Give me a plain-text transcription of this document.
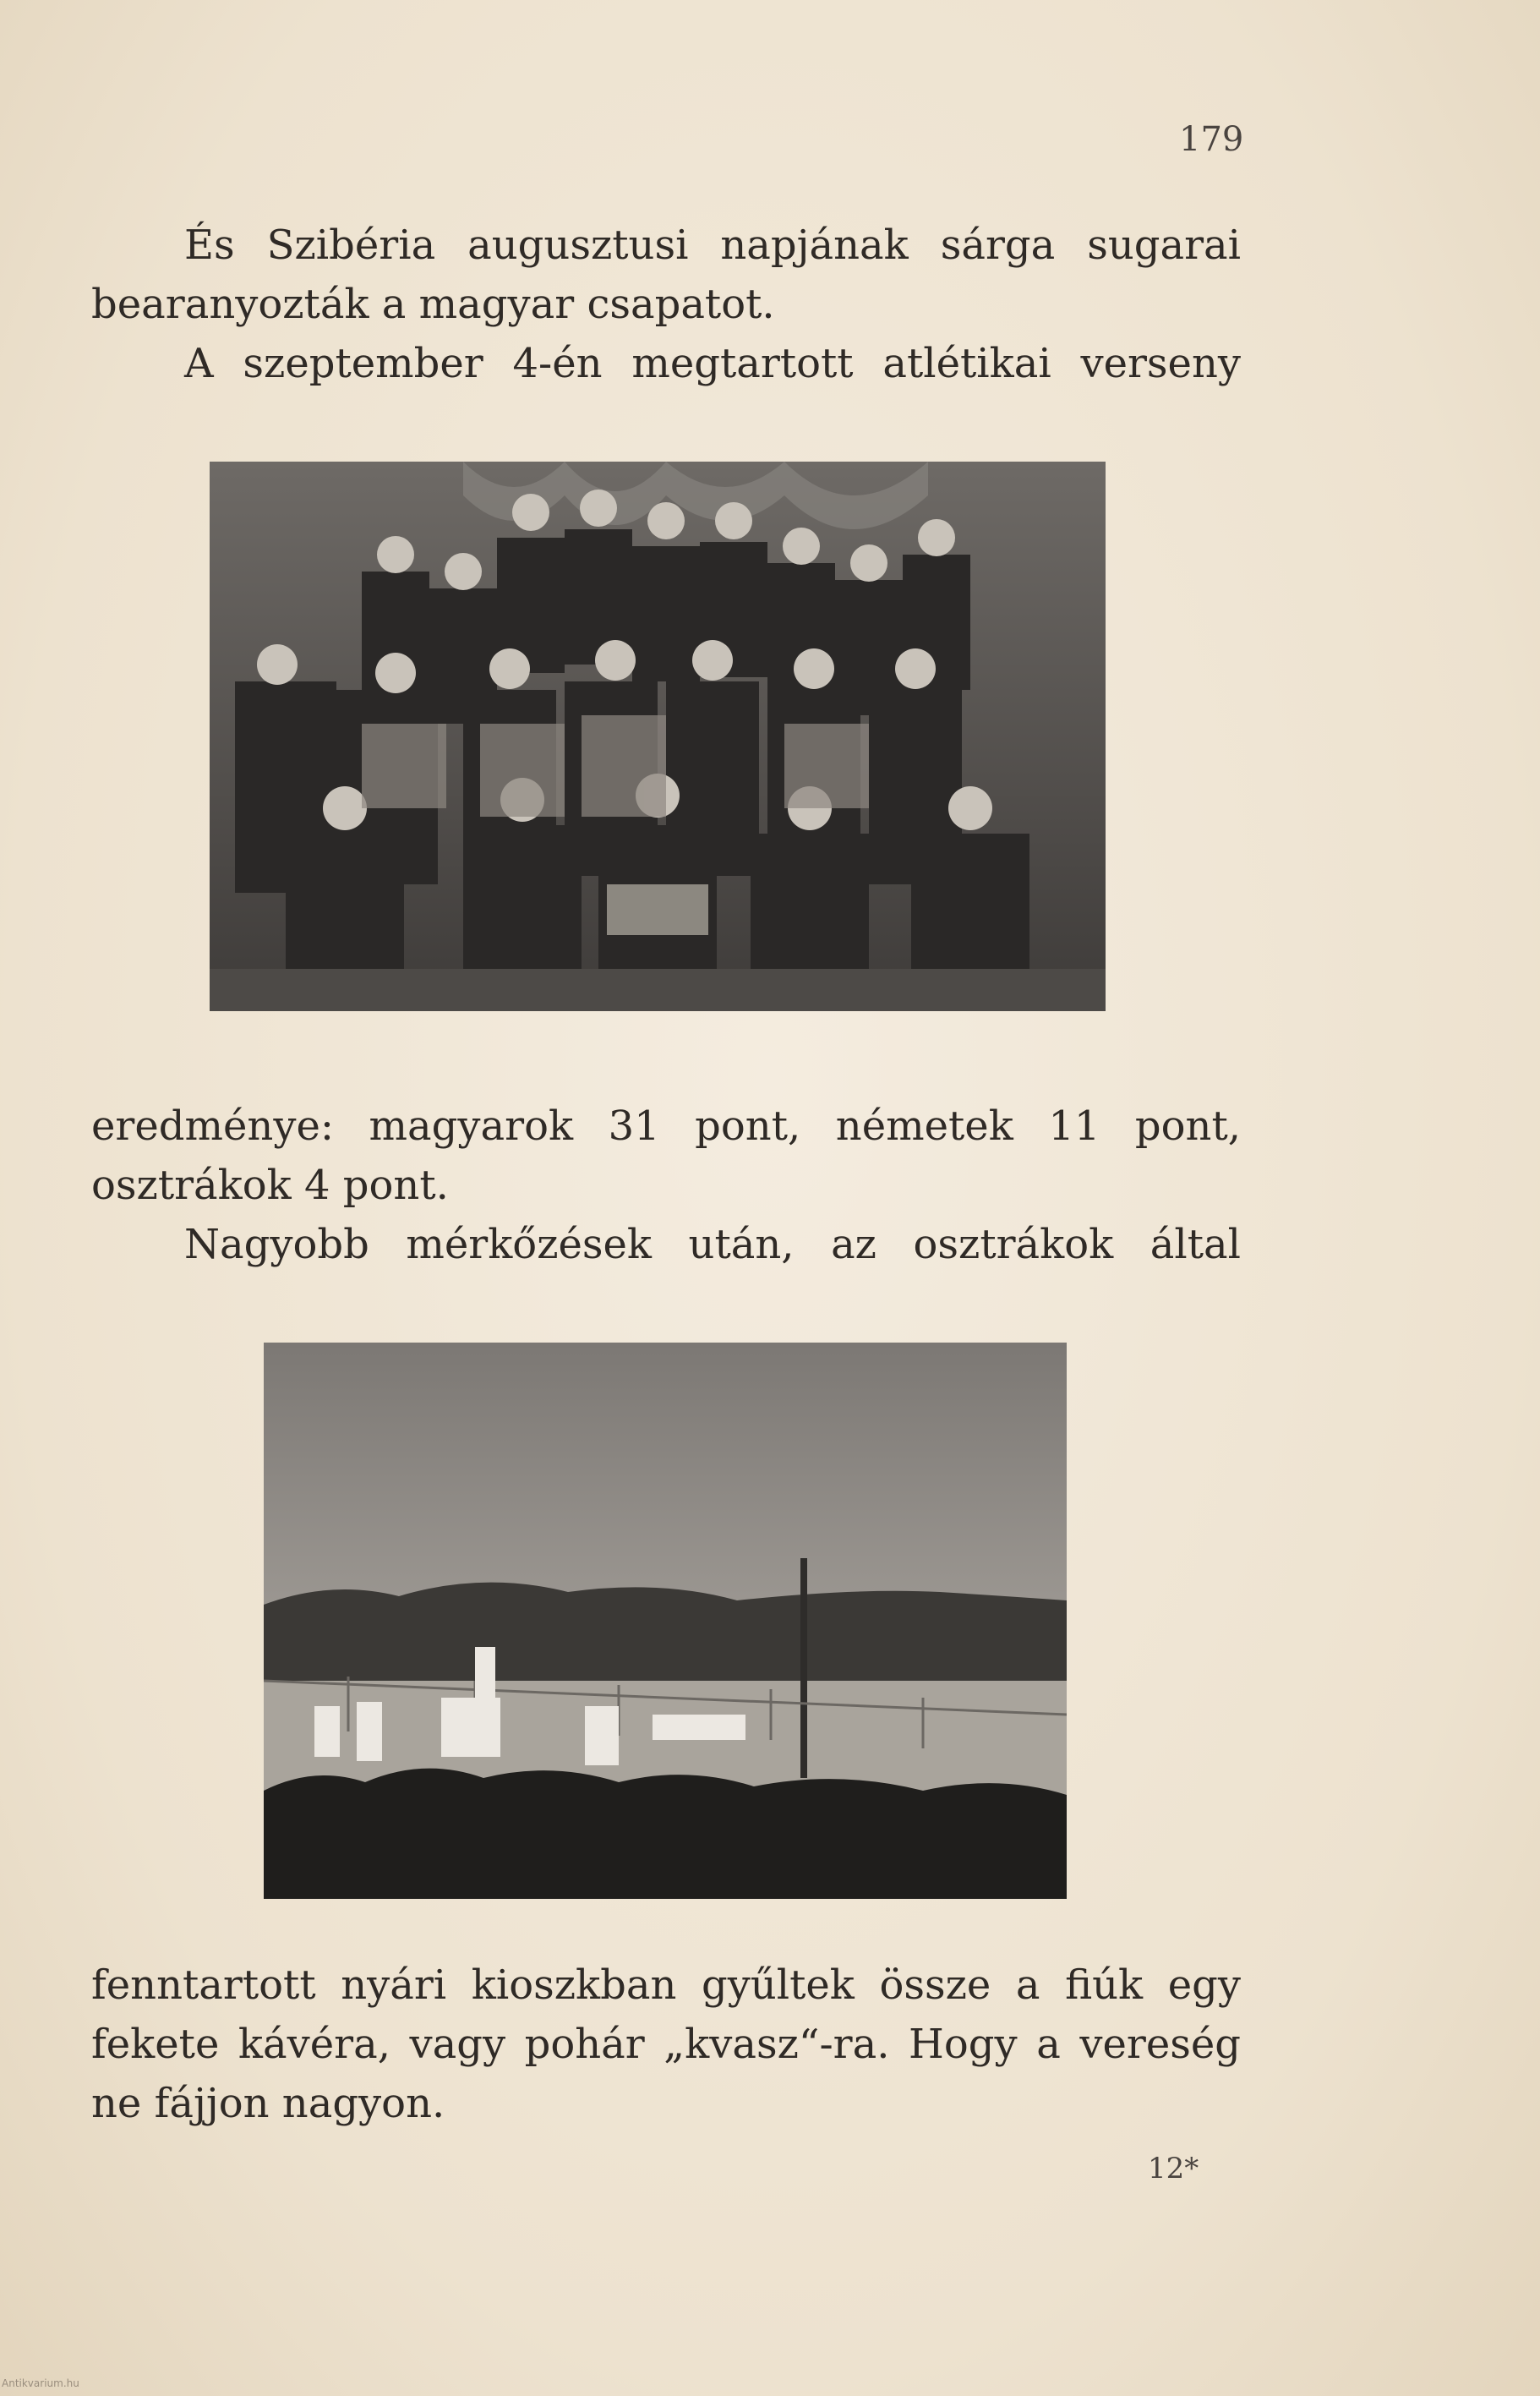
179

És Szibéria augusztusi napjának sárga sugarai

bearanyozták a magyar csapatot.

A szeptember 4-én megtartott atlétikai verseny

eredménye: magyarok 31 pont, németek 11 pont,

osztrákok 4 pont.

Nagyobb mérkőzések után, az osztrákok által

fenntartott nyári kioszkban gyűltek össze a fiúk egy

fekete kávéra, vagy pohár „kvasz“-ra. Hogy a vereség

ne fájjon nagyon.

12*
Antikvarium.hu
